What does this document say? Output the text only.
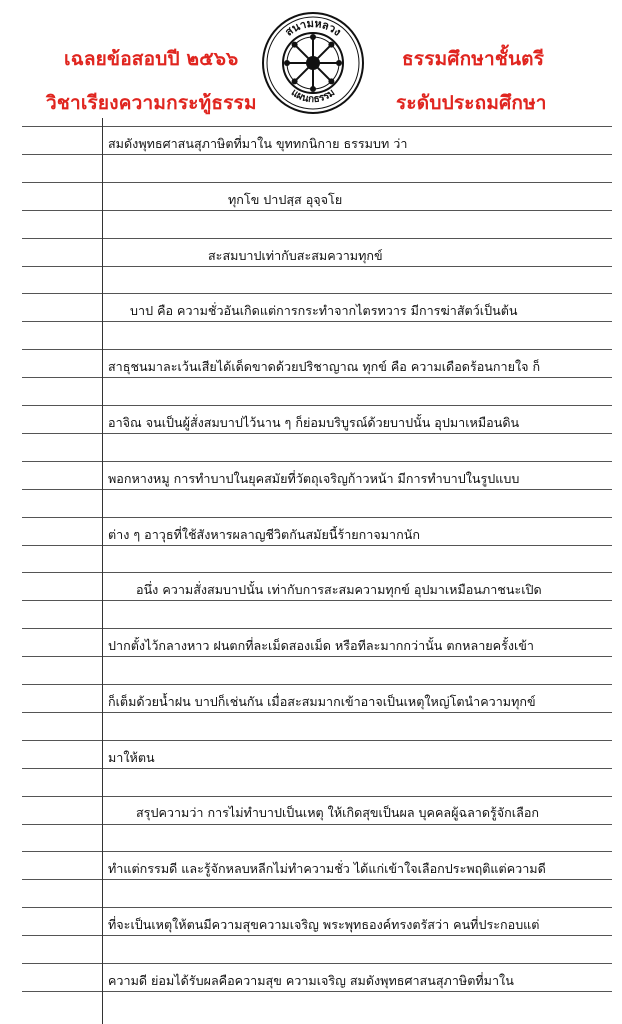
เฉลยข้อสอบปี ๒๕๖๖
วิชาเรียงความกระทู้ธรรม
ธรรมศึกษาชั้นตรี
ระดับประถมศึกษา
สนามหลวง
แผนกธรรม
สมดังพุทธศาสนสุภาษิตที่มาใน ขุททกนิกาย ธรรมบท ว่า
ทุกโข ปาปสฺส อุจฺจโย
สะสมบาปเท่ากับสะสมความทุกข์
บาป คือ ความชั่วอันเกิดแต่การกระทำจากไตรทวาร มีการฆ่าสัตว์เป็นต้น
สาธุชนมาละเว้นเสียได้เด็ดขาดด้วยปริชาญาณ ทุกข์ คือ ความเดือดร้อนกายใจ ก็
อาจิณ จนเป็นผู้สั่งสมบาปไว้นาน ๆ ก็ย่อมบริบูรณ์ด้วยบาปนั้น อุปมาเหมือนดิน
พอกหางหมู การทำบาปในยุคสมัยที่วัตถุเจริญก้าวหน้า มีการทำบาปในรูปแบบ
ต่าง ๆ อาวุธที่ใช้สังหารผลาญชีวิตกันสมัยนี้ร้ายกาจมากนัก
อนึ่ง ความสั่งสมบาปนั้น เท่ากับการสะสมความทุกข์ อุปมาเหมือนภาชนะเปิด
ปากตั้งไว้กลางหาว ฝนตกที่ละเม็ดสองเม็ด หรือทีละมากกว่านั้น ตกหลายครั้งเข้า
ก็เต็มด้วยน้ำฝน บาปก็เช่นกัน เมื่อสะสมมากเข้าอาจเป็นเหตุใหญ่โตนำความทุกข์
มาให้ตน
สรุปความว่า การไม่ทำบาปเป็นเหตุ ให้เกิดสุขเป็นผล บุคคลผู้ฉลาดรู้จักเลือก
ทำแต่กรรมดี และรู้จักหลบหลีกไม่ทำความชั่ว ได้แก่เข้าใจเลือกประพฤติแต่ความดี
ที่จะเป็นเหตุให้ตนมีความสุขความเจริญ พระพุทธองค์ทรงตรัสว่า คนที่ประกอบแต่
ความดี ย่อมได้รับผลคือความสุข ความเจริญ สมดังพุทธศาสนสุภาษิตที่มาใน
